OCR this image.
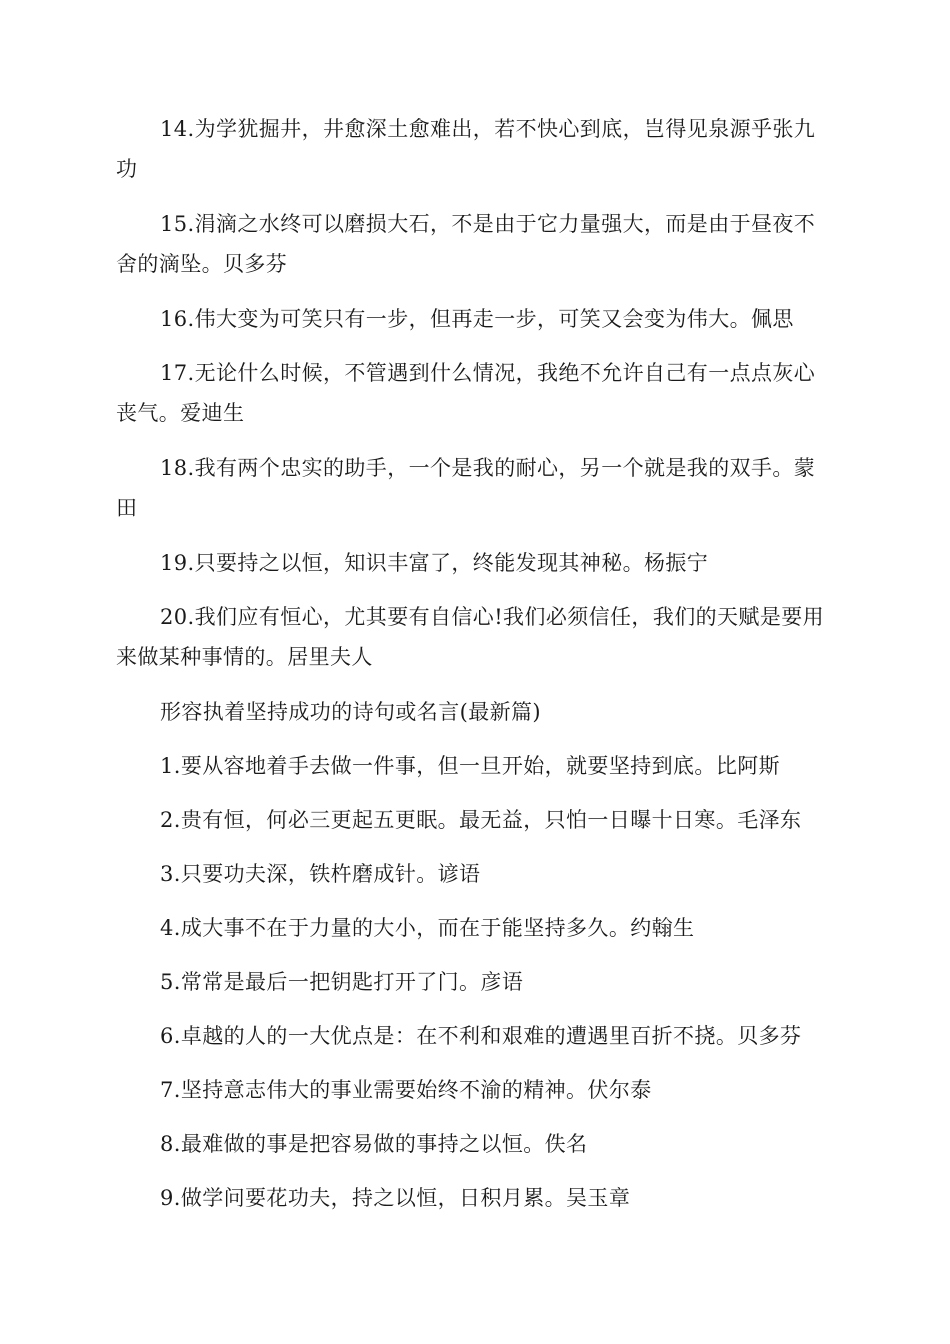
14.为学犹掘井，井愈深土愈难出，若不快心到底，岂得见泉源乎张九功

15.涓滴之水终可以磨损大石，不是由于它力量强大，而是由于昼夜不舍的滴坠。贝多芬

16.伟大变为可笑只有一步，但再走一步，可笑又会变为伟大。佩思

17.无论什么时候，不管遇到什么情况，我绝不允许自己有一点点灰心丧气。爱迪生

18.我有两个忠实的助手，一个是我的耐心，另一个就是我的双手。蒙田

19.只要持之以恒，知识丰富了，终能发现其神秘。杨振宁

20.我们应有恒心，尤其要有自信心!我们必须信任，我们的天赋是要用来做某种事情的。居里夫人

形容执着坚持成功的诗句或名言(最新篇)

1.要从容地着手去做一件事，但一旦开始，就要坚持到底。比阿斯

2.贵有恒，何必三更起五更眠。最无益，只怕一日曝十日寒。毛泽东

3.只要功夫深，铁杵磨成针。谚语

4.成大事不在于力量的大小，而在于能坚持多久。约翰生

5.常常是最后一把钥匙打开了门。彦语

6.卓越的人的一大优点是：在不利和艰难的遭遇里百折不挠。贝多芬

7.坚持意志伟大的事业需要始终不渝的精神。伏尔泰

8.最难做的事是把容易做的事持之以恒。佚名

9.做学问要花功夫，持之以恒，日积月累。吴玉章
